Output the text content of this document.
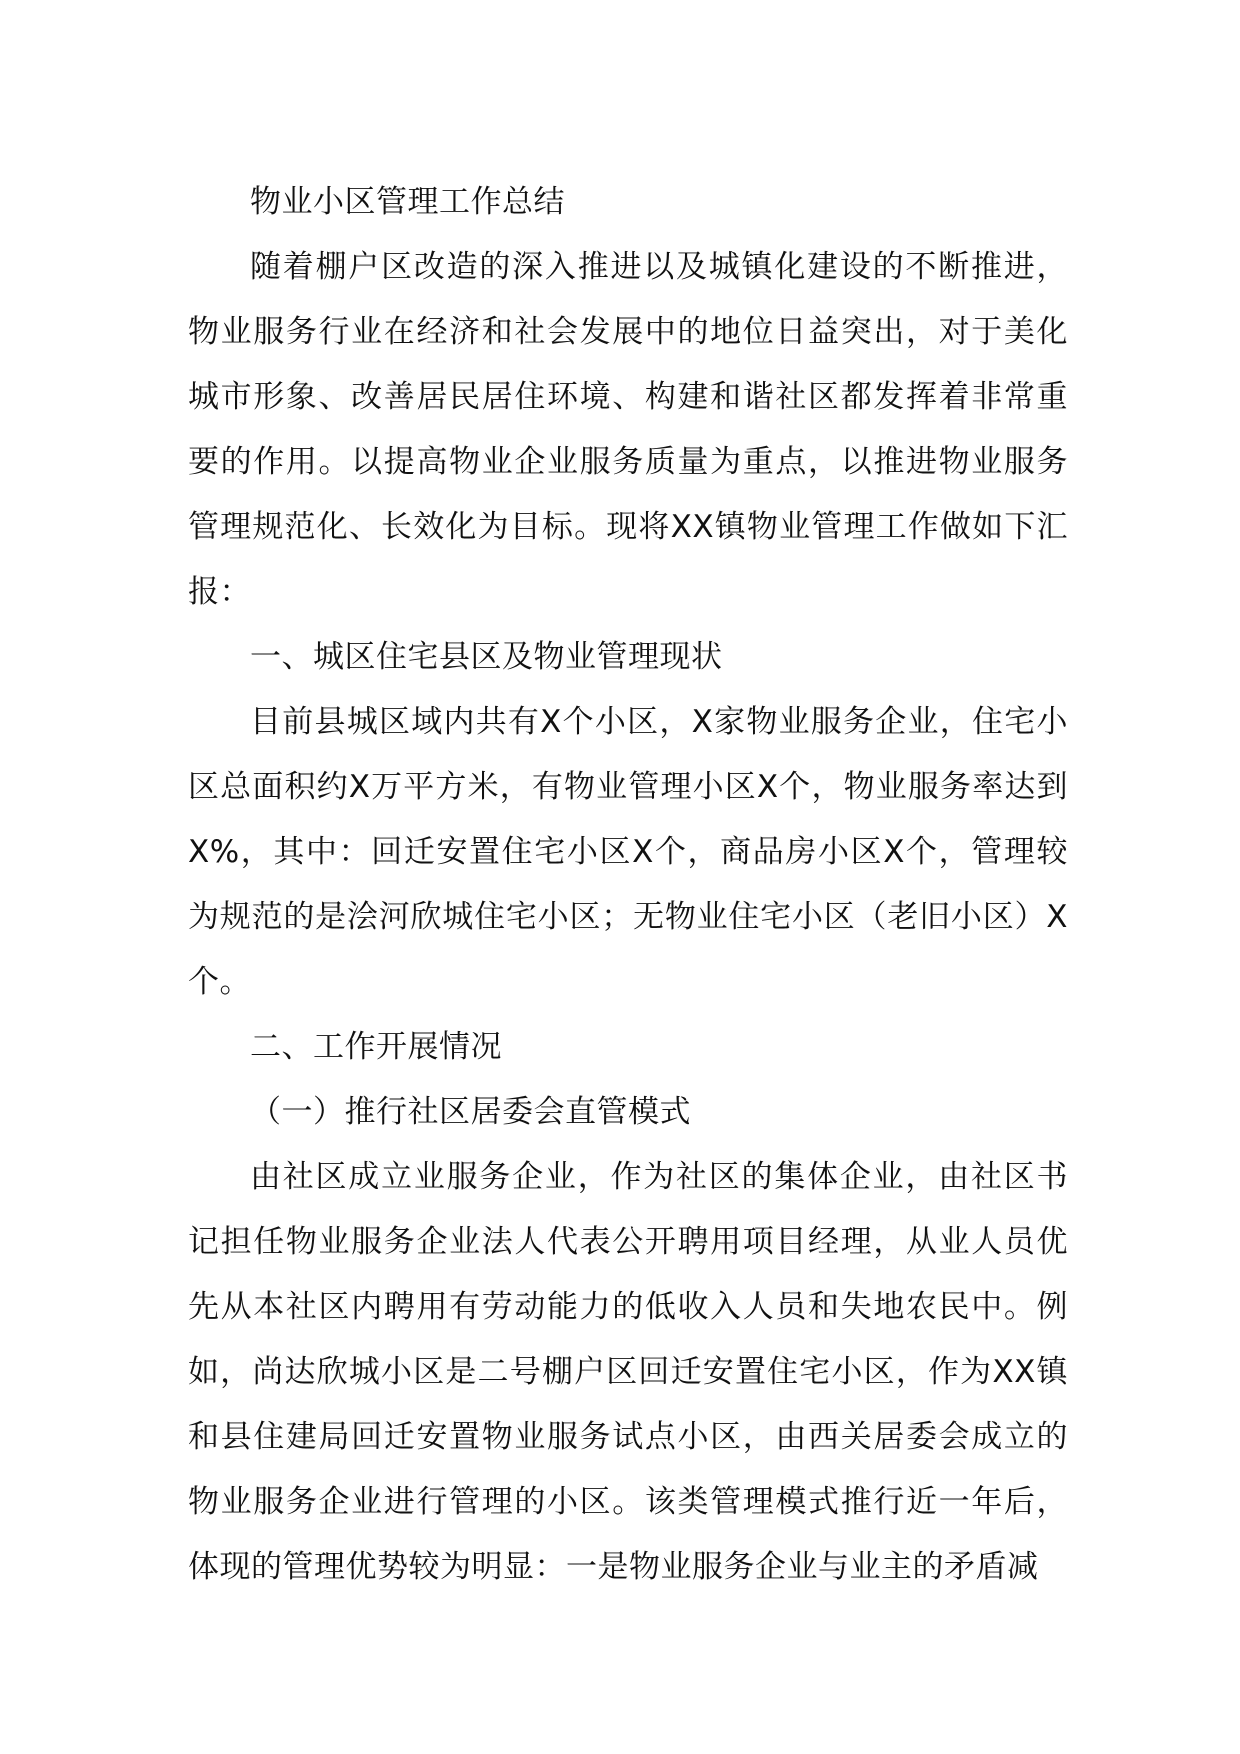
物业小区管理工作总结

随着棚户区改造的深入推进以及城镇化建设的不断推进，物业服务行业在经济和社会发展中的地位日益突出，对于美化城市形象、改善居民居住环境、构建和谐社区都发挥着非常重要的作用。以提高物业企业服务质量为重点，以推进物业服务管理规范化、长效化为目标。现将XX镇物业管理工作做如下汇报：

一、城区住宅县区及物业管理现状

目前县城区域内共有X个小区，X家物业服务企业，住宅小区总面积约X万平方米，有物业管理小区X个，物业服务率达到X%，其中：回迁安置住宅小区X个，商品房小区X个，管理较为规范的是浍河欣城住宅小区；无物业住宅小区（老旧小区）X个。

二、工作开展情况

（一）推行社区居委会直管模式

由社区成立业服务企业，作为社区的集体企业，由社区书记担任物业服务企业法人代表公开聘用项目经理，从业人员优先从本社区内聘用有劳动能力的低收入人员和失地农民中。例如，尚达欣城小区是二号棚户区回迁安置住宅小区，作为XX镇和县住建局回迁安置物业服务试点小区，由西关居委会成立的物业服务企业进行管理的小区。该类管理模式推行近一年后，体现的管理优势较为明显：一是物业服务企业与业主的矛盾减
